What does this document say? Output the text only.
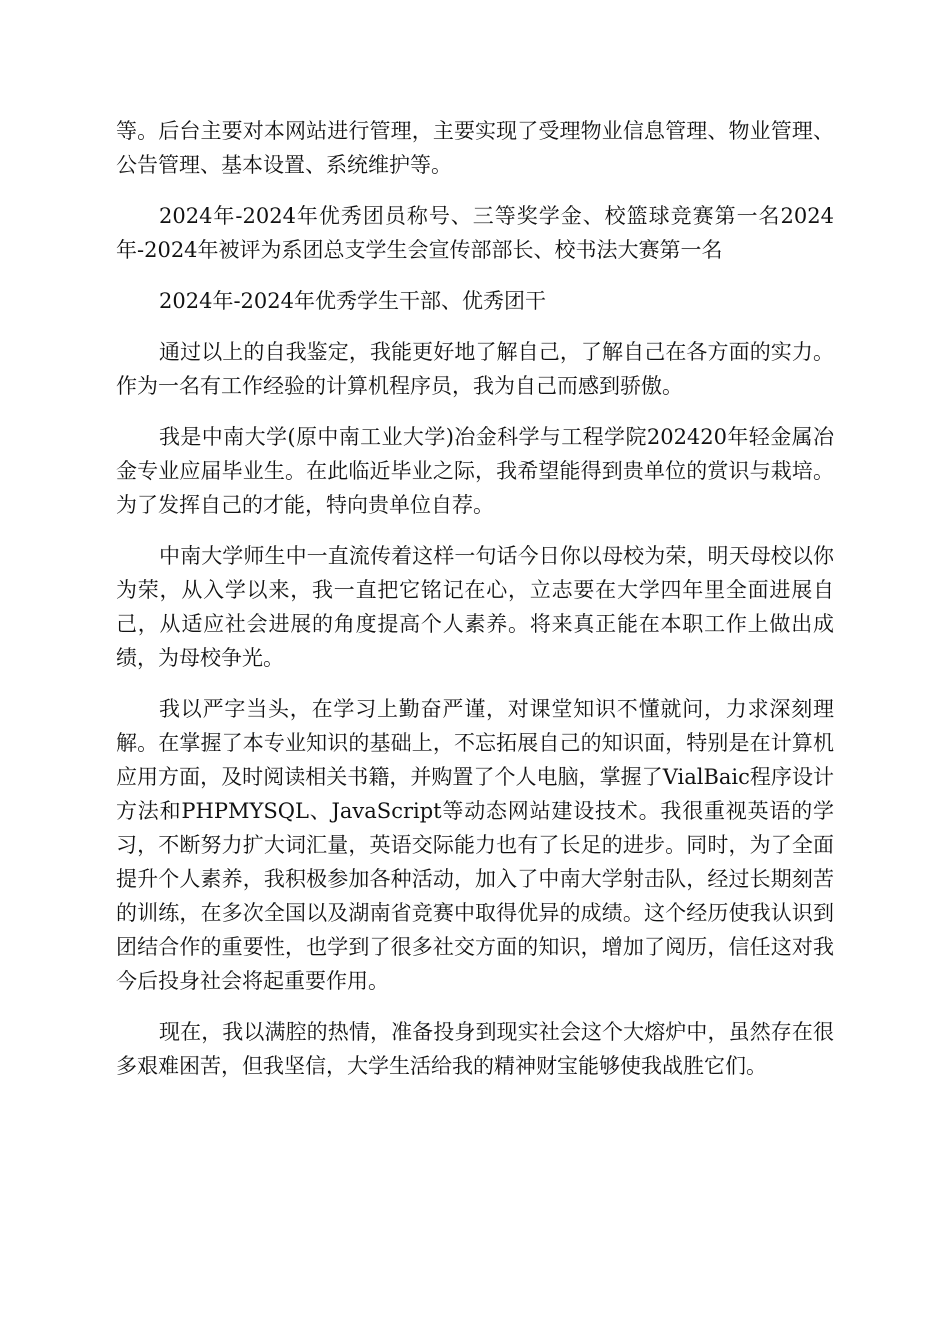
等。后台主要对本网站进行管理，主要实现了受理物业信息管理、物业管理、公告管理、基本设置、系统维护等。

2024年-2024年优秀团员称号、三等奖学金、校篮球竞赛第一名2024年-2024年被评为系团总支学生会宣传部部长、校书法大赛第一名

2024年-2024年优秀学生干部、优秀团干

通过以上的自我鉴定，我能更好地了解自己，了解自己在各方面的实力。作为一名有工作经验的计算机程序员，我为自己而感到骄傲。

我是中南大学(原中南工业大学)冶金科学与工程学院202420年轻金属冶金专业应届毕业生。在此临近毕业之际，我希望能得到贵单位的赏识与栽培。为了发挥自己的才能，特向贵单位自荐。

中南大学师生中一直流传着这样一句话今日你以母校为荣，明天母校以你为荣，从入学以来，我一直把它铭记在心，立志要在大学四年里全面进展自己，从适应社会进展的角度提高个人素养。将来真正能在本职工作上做出成绩，为母校争光。

我以严字当头，在学习上勤奋严谨，对课堂知识不懂就问，力求深刻理解。在掌握了本专业知识的基础上，不忘拓展自己的知识面，特别是在计算机应用方面，及时阅读相关书籍，并购置了个人电脑，掌握了VialBaic程序设计方法和PHPMYSQL、JavaScript等动态网站建设技术。我很重视英语的学习，不断努力扩大词汇量，英语交际能力也有了长足的进步。同时，为了全面提升个人素养，我积极参加各种活动，加入了中南大学射击队，经过长期刻苦的训练，在多次全国以及湖南省竞赛中取得优异的成绩。这个经历使我认识到团结合作的重要性，也学到了很多社交方面的知识，增加了阅历，信任这对我今后投身社会将起重要作用。

现在，我以满腔的热情，准备投身到现实社会这个大熔炉中，虽然存在很多艰难困苦，但我坚信，大学生活给我的精神财宝能够使我战胜它们。
